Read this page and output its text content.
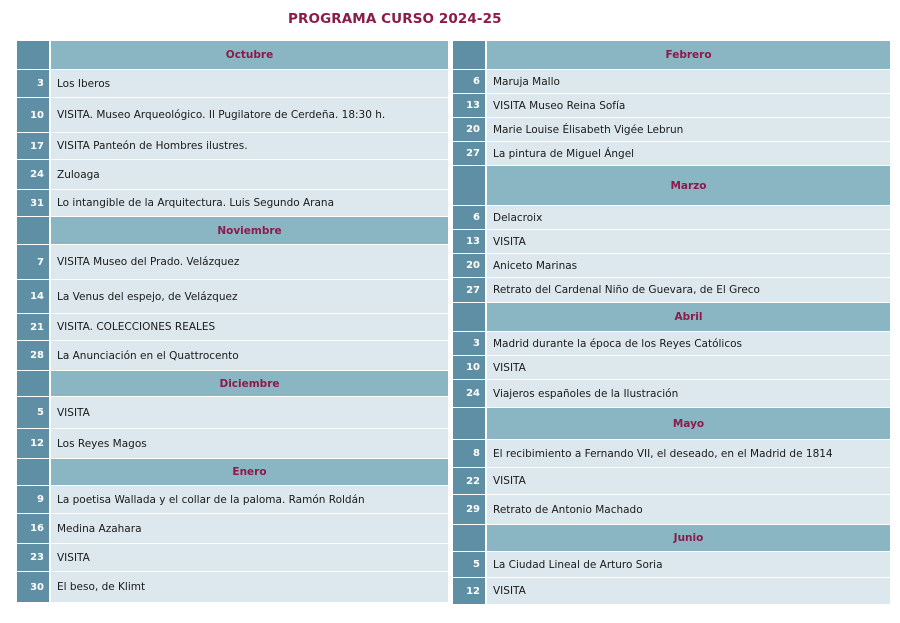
PROGRAMA CURSO 2024-25
Octubre
3	Los Iberos
10	VISITA. Museo Arqueológico. Il Pugilatore de Cerdeña. 18:30 h.
17	VISITA Panteón de Hombres ilustres.
24	Zuloaga
31	Lo intangible de la Arquitectura. Luis Segundo Arana
Noviembre
7	VISITA Museo del Prado. Velázquez
14	La Venus del espejo, de Velázquez
21	VISITA. COLECCIONES REALES
28	La Anunciación en el Quattrocento
Diciembre
5	VISITA
12	Los Reyes Magos
Enero
9	La poetisa Wallada y el collar de la paloma. Ramón Roldán
16	Medina Azahara
23	VISITA
30	El beso, de Klimt
Febrero
6	Maruja Mallo
13	VISITA Museo Reina Sofía
20	Marie Louise Élisabeth Vigée Lebrun
27	La pintura de Miguel Ángel
Marzo
6	Delacroix
13	VISITA
20	Aniceto Marinas
27	Retrato del Cardenal Niño de Guevara, de El Greco
Abril
3	Madrid durante la época de los Reyes Católicos
10	VISITA
24	Viajeros españoles de la Ilustración
Mayo
8	El recibimiento a Fernando VII, el deseado, en el Madrid de 1814
22	VISITA
29	Retrato de Antonio Machado
Junio
5	La Ciudad Lineal de Arturo Soria
12	VISITA
